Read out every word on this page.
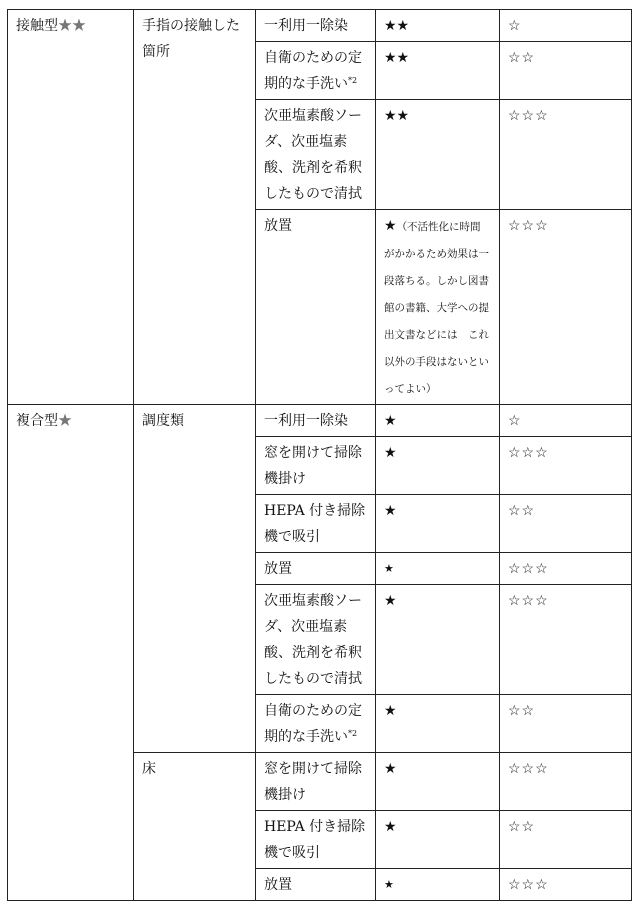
接触型★★	手指の接触した箇所	一利用一除染	★★	☆
		自衛のための定期的な手洗い$^{*2}$	★★	☆☆
		次亜塩素酸ソーダ、次亜塩素酸、洗剤を希釈したもので清拭	★★	☆☆☆
		放置	★（不活性化に時間がかかるため効果は一段落ちる。しかし図書館の書籍、大学への提出文書などには　これ以外の手段はないといってよい）	☆☆☆
複合型★	調度類	一利用一除染	★	☆
		窓を開けて掃除機掛け	★	☆☆☆
		HEPA 付き掃除機で吸引	★	☆☆
		放置	★	☆☆☆
		次亜塩素酸ソーダ、次亜塩素酸、洗剤を希釈したもので清拭	★	☆☆☆
		自衛のための定期的な手洗い$^{*2}$	★	☆☆
	床	窓を開けて掃除機掛け	★	☆☆☆
		HEPA 付き掃除機で吸引	★	☆☆
		放置	★	☆☆☆
